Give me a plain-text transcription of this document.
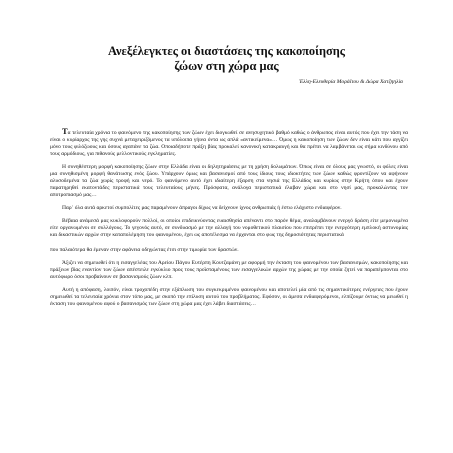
Ανεξέλεγκτες οι διαστάσεις της κακοποίησης
ζώων στη χώρα μας
Έλλη-Ελευθερία Μοράϊτου & Δώρα Χατζηηλία

Τα τελευταία χρόνια το φαινόμενο της κακοποίησης των ζώων έχει διογκωθεί σε ανησυχητικό βαθμό καθώς ο άνθρωπος είναι αυτός που έχει την τάση να είναι ο κυρίαρχος της γης συχνά μεταχειριζόμενος τα υπόλοιπα γήινα όντα ως απλά «αντικείμενα»… Όμως η κακοποίηση των ζώων δεν είναι κάτι που αγγίζει μόνο τους φιλόζωους και όσους αγαπάνε τα ζώα. Οποιαδήποτε πράξη βίας προκαλεί κανονική κατακραυγή και θα πρέπει να λαμβάνεται ως σήμα κινδύνου από τους αρμόδιους, για πιθανούς μελλοντικούς εγκληματίες.

Η συνηθέστερη μορφή κακοποίησης ζώων στην Ελλάδα είναι οι δηλητηριάσεις με τη χρήση δολωμάτων. Όπως είναι σε όλους μας γνωστό, οι φόλες είναι μια συνηθισμένη μορφή θανάτωσης ενός ζώου. Υπάρχουν όμως και βασανισμοί από τους ίδιους τους ιδιοκτήτες των ζώων καθώς φροντίζουν να αφήνουν αλυσοδεμένα τα ζώα χωρίς τροφή και νερό. Το φαινόμενο αυτό έχει ιδιαίτερη έξαρση στα νησιά της Ελλάδος και κυρίως στην Κρήτη όπου και έχουν παρατηρηθεί εκατοντάδες περιστατικά τους τελευταίους μήνες. Πρόσφατα, ανάλογα περιστατικά έλαβαν χώρα και στο νησί μας, προκαλώντας τον αποτροπιασμό μας…

Παρ᾽ όλα αυτά αρκετοί συμπολίτες μας παραμένουν άπραγοι δίχως να δείχνουν ίχνος ανθρωπιάς ή έστω ελάχιστο ενδιαφέρον.

Βέβαια ανάμεσά μας κυκλοφορούν πολλοί, οι οποίοι επιδεικνύοντας ευαισθησία απέναντι στο παρόν θέμα, αναλαμβάνουν ενεργό δράση είτε μεμονωμένα είτε οργανωμένοι σε συλλόγους. Το γεγονός αυτό, σε συνδυασμό με την αλλαγή του νομοθετικού πλαισίου που επιτρέπει την ενεργότερη εμπλοκή αστυνομίας και δικαστικών αρχών στην καταπολέμηση του φαινομένου, έχει ως αποτέλεσμα να έρχονται στο φως της δημοσιότητας περιστατικά

που παλαιότερα θα έμεναν στην αφάνεια οδηγώντας έτσι στην τιμωρία των δραστών.

Άξιζει να σημειωθεί ότι η εισαγγελέας του Αρείου Πάγου Ευτέρπη Κουτζαμάνη με αφορμή την έκταση του φαινομένου των βασανισμών, κακοποίησης και πράξεων βίας εναντίον των ζώων απέστειλε εγκύκλιο προς τους προϊσταμένους των εισαγγελικών αρχών της χώρας με την οποία ζητεί να παραπέμπονται στο αυτόφωρο όσοι προβαίνουν σε βασανισμούς ζώων κλπ.

Αυτή η απόφαση, λοιπόν, είναι τροχοπέδη στην εξάπλωση του συγκεκριμένου φαινομένου και αποτελεί μία από τις σημαντικότερες ενέργειες που έχουν σημειωθεί τα τελευταία χρόνια στον τόπο μας, με σκοπό την επίλυση αυτού του προβλήματος. Εφόσον, οι άμεσα ενδιαφερόμενοι, ελπίζουμε όντως να μειωθεί η έκταση του φαινομένου αφού ο βασανισμός των ζώων στη χώρα μας έχει λάβει διαστάσεις…
